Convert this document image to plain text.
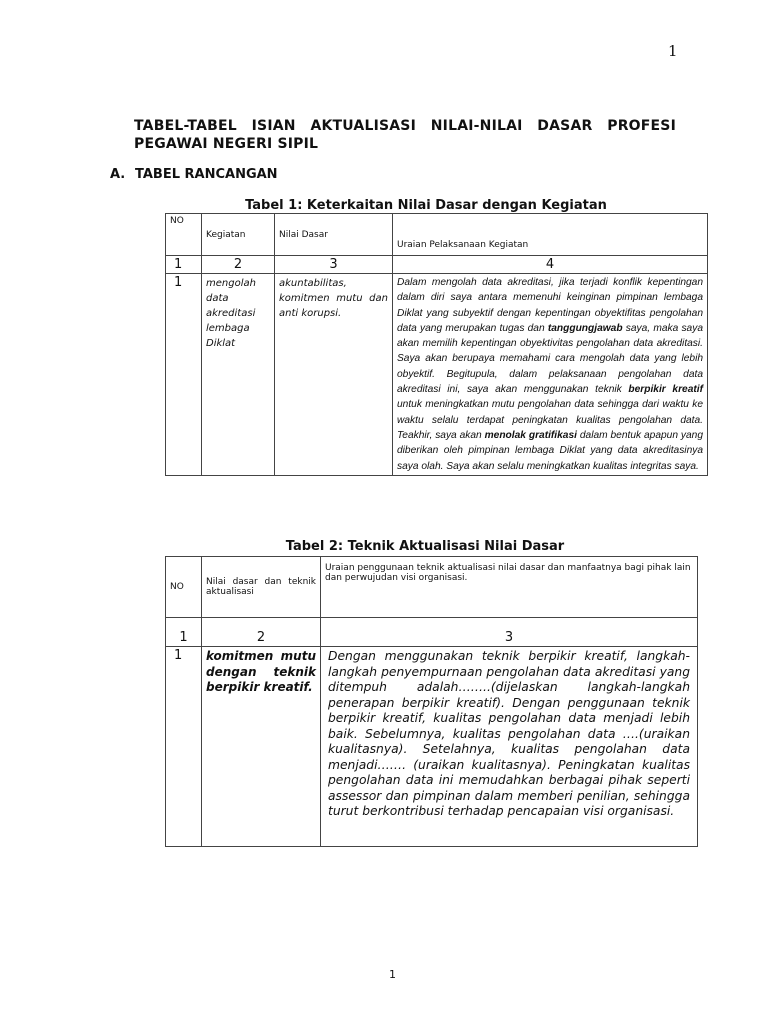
1
TABEL-TABEL ISIAN AKTUALISASI NILAI-NILAI DASAR PROFESI PEGAWAI NEGERI SIPIL
A. TABEL RANCANGAN
Tabel 1: Keterkaitan Nilai Dasar dengan Kegiatan
NO	Kegiatan	Nilai Dasar	Uraian Pelaksanaan Kegiatan
1	2	3	4
1	mengolah data akreditasi lembaga Diklat	akuntabilitas, komitmen mutu dan anti korupsi.	Dalam mengolah data akreditasi, jika terjadi konflik kepentingan dalam diri saya antara memenuhi keinginan pimpinan lembaga Diklat yang subyektif dengan kepentingan obyektifitas pengolahan data yang merupakan tugas dan tanggungjawab saya, maka saya akan memilih kepentingan obyektivitas pengolahan data akreditasi. Saya akan berupaya memahami cara mengolah data yang lebih obyektif. Begitupula, dalam pelaksanaan pengolahan data akreditasi ini, saya akan menggunakan teknik berpikir kreatif untuk meningkatkan mutu pengolahan data sehingga dari waktu ke waktu selalu terdapat peningkatan kualitas pengolahan data. Teakhir, saya akan menolak gratifikasi dalam bentuk apapun yang diberikan oleh pimpinan lembaga Diklat yang data akreditasinya saya olah. Saya akan selalu meningkatkan kualitas integritas saya.
Tabel 2: Teknik Aktualisasi Nilai Dasar
NO	Nilai dasar dan teknik aktualisasi	Uraian penggunaan teknik aktualisasi nilai dasar dan manfaatnya bagi pihak lain dan perwujudan visi organisasi.
1	2	3
1	komitmen mutu dengan teknik berpikir kreatif.	Dengan menggunakan teknik berpikir kreatif, langkah-langkah penyempurnaan pengolahan data akreditasi yang ditempuh adalah……..(dijelaskan langkah-langkah penerapan berpikir kreatif). Dengan penggunaan teknik berpikir kreatif, kualitas pengolahan data menjadi lebih baik. Sebelumnya, kualitas pengolahan data ….(uraikan kualitasnya). Setelahnya, kualitas pengolahan data menjadi……. (uraikan kualitasnya). Peningkatan kualitas pengolahan data ini memudahkan berbagai pihak seperti assessor dan pimpinan dalam memberi penilian, sehingga turut berkontribusi terhadap pencapaian visi organisasi.
1
